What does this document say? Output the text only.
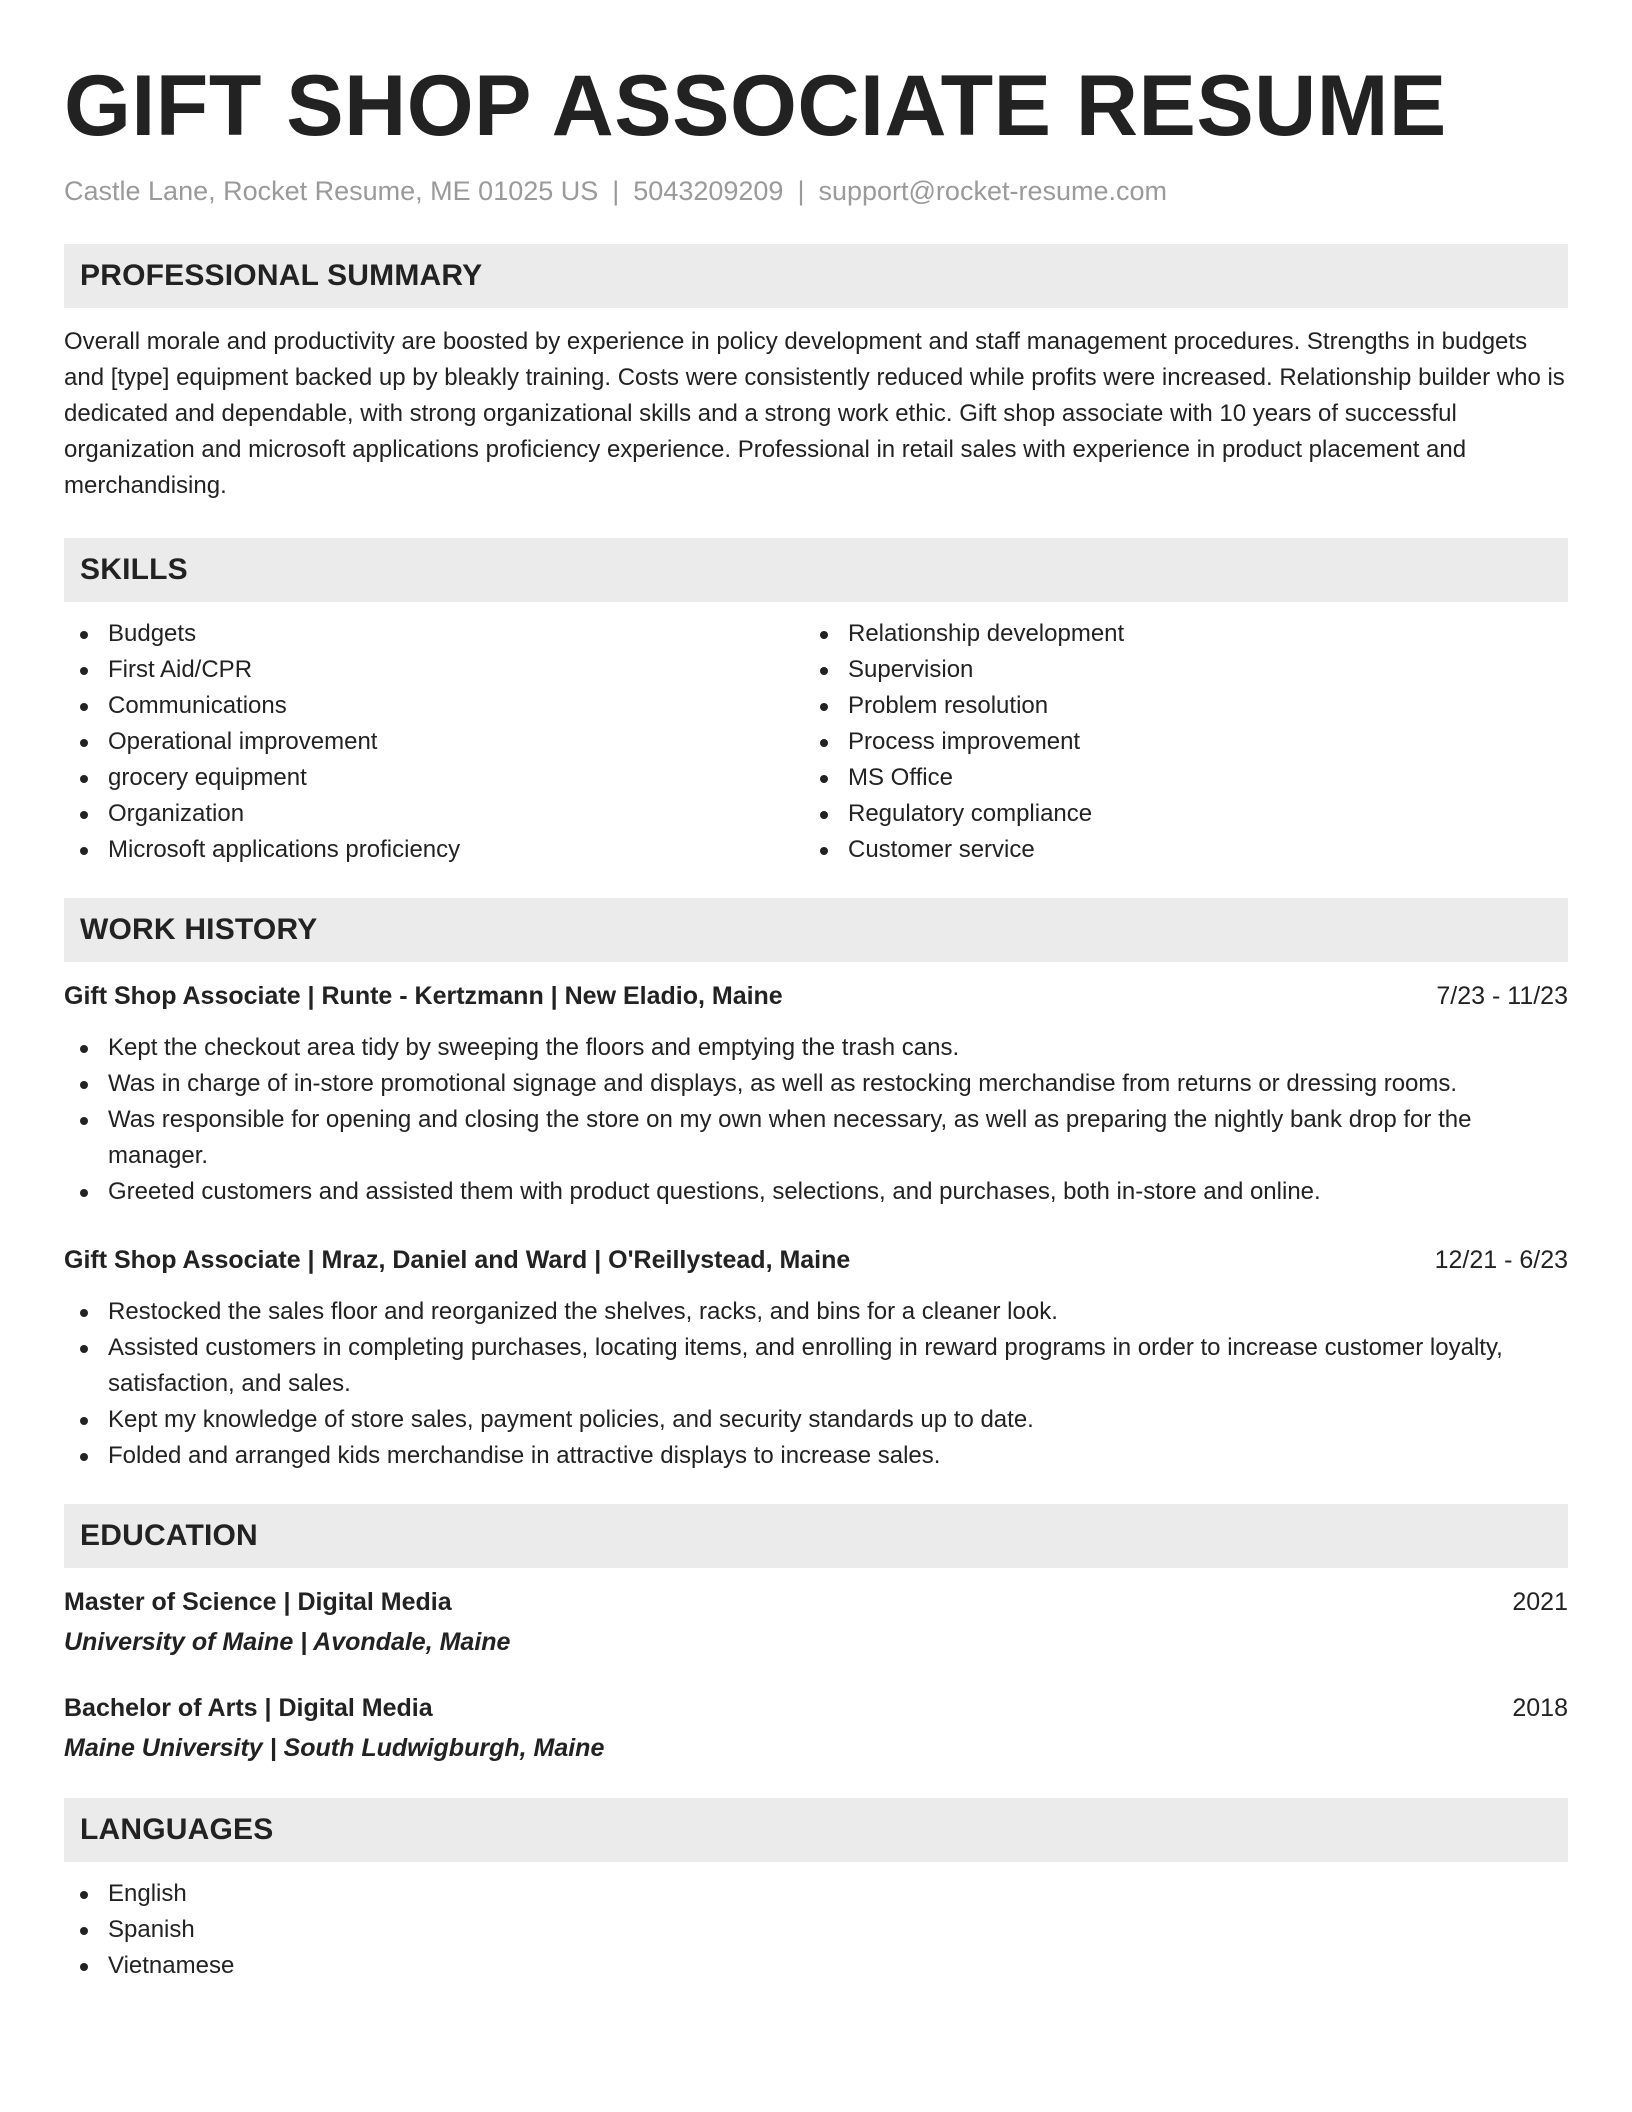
GIFT SHOP ASSOCIATE RESUME
Castle Lane, Rocket Resume, ME 01025 US | 5043209209 | support@rocket-resume.com
PROFESSIONAL SUMMARY

Overall morale and productivity are boosted by experience in policy development and staff management procedures. Strengths in budgets and [type] equipment backed up by bleakly training. Costs were consistently reduced while profits were increased. Relationship builder who is dedicated and dependable, with strong organizational skills and a strong work ethic. Gift shop associate with 10 years of successful organization and microsoft applications proficiency experience. Professional in retail sales with experience in product placement and merchandising.

SKILLS
Budgets
First Aid/CPR
Communications
Operational improvement
grocery equipment
Organization
Microsoft applications proficiency
Relationship development
Supervision
Problem resolution
Process improvement
MS Office
Regulatory compliance
Customer service
WORK HISTORY
Gift Shop Associate | Runte - Kertzmann | New Eladio, Maine	7/23 - 11/23
Kept the checkout area tidy by sweeping the floors and emptying the trash cans.
Was in charge of in-store promotional signage and displays, as well as restocking merchandise from returns or dressing rooms.
Was responsible for opening and closing the store on my own when necessary, as well as preparing the nightly bank drop for the manager.
Greeted customers and assisted them with product questions, selections, and purchases, both in-store and online.
Gift Shop Associate | Mraz, Daniel and Ward | O'Reillystead, Maine	12/21 - 6/23
Restocked the sales floor and reorganized the shelves, racks, and bins for a cleaner look.
Assisted customers in completing purchases, locating items, and enrolling in reward programs in order to increase customer loyalty, satisfaction, and sales.
Kept my knowledge of store sales, payment policies, and security standards up to date.
Folded and arranged kids merchandise in attractive displays to increase sales.
EDUCATION
Master of Science | Digital Media	2021
University of Maine | Avondale, Maine
Bachelor of Arts | Digital Media	2018
Maine University | South Ludwigburgh, Maine
LANGUAGES
English
Spanish
Vietnamese
